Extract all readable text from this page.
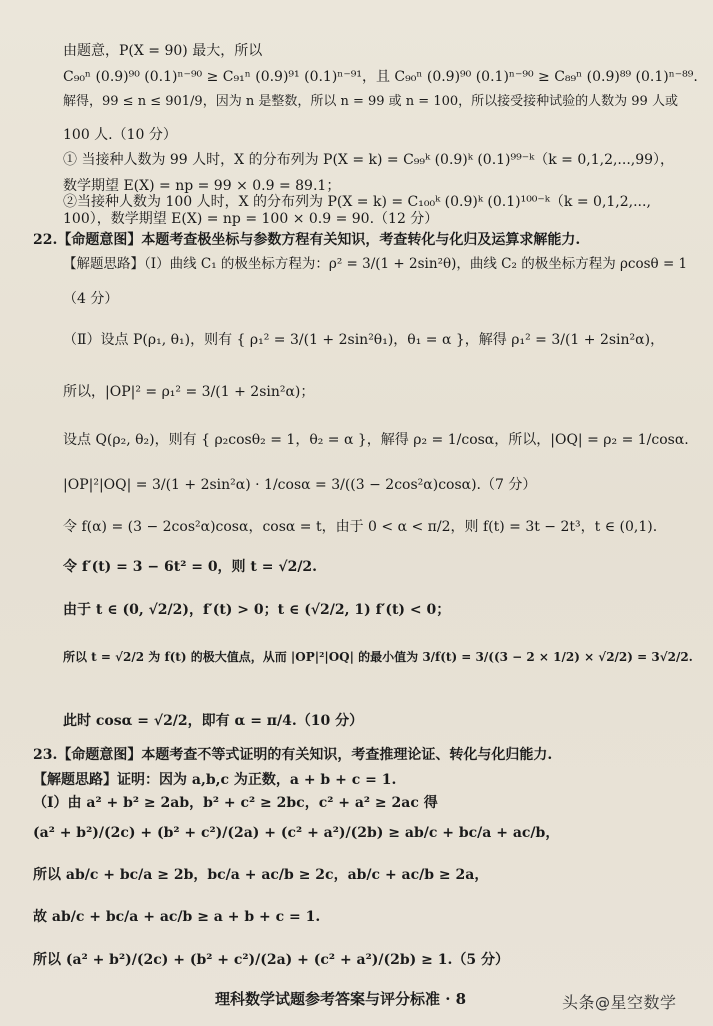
由题意，P(X = 90) 最大，所以
C₉₀ⁿ (0.9)⁹⁰ (0.1)ⁿ⁻⁹⁰ ≥ C₉₁ⁿ (0.9)⁹¹ (0.1)ⁿ⁻⁹¹，且 C₉₀ⁿ (0.9)⁹⁰ (0.1)ⁿ⁻⁹⁰ ≥ C₈₉ⁿ (0.9)⁸⁹ (0.1)ⁿ⁻⁸⁹.
解得，99 ≤ n ≤ 901/9，因为 n 是整数，所以 n = 99 或 n = 100，所以接受接种试验的人数为 99 人或
100 人.（10 分）
① 当接种人数为 99 人时，X 的分布列为 P(X = k) = C₉₉ᵏ (0.9)ᵏ (0.1)⁹⁹⁻ᵏ（k = 0,1,2,...,99），
数学期望 E(X) = np = 99 × 0.9 = 89.1；
②当接种人数为 100 人时，X 的分布列为 P(X = k) = C₁₀₀ᵏ (0.9)ᵏ (0.1)¹⁰⁰⁻ᵏ（k = 0,1,2,...,
100），数学期望 E(X) = np = 100 × 0.9 = 90.（12 分）
22.【命题意图】本题考查极坐标与参数方程有关知识，考查转化与化归及运算求解能力.
【解题思路】（Ⅰ）曲线 C₁ 的极坐标方程为：ρ² = 3/(1 + 2sin²θ)，曲线 C₂ 的极坐标方程为 ρcosθ = 1
（4 分）
（Ⅱ）设点 P(ρ₁, θ₁)，则有 { ρ₁² = 3/(1 + 2sin²θ₁)，θ₁ = α }，解得 ρ₁² = 3/(1 + 2sin²α)，
所以，|OP|² = ρ₁² = 3/(1 + 2sin²α)；
设点 Q(ρ₂, θ₂)，则有 { ρ₂cosθ₂ = 1，θ₂ = α }，解得 ρ₂ = 1/cosα，所以，|OQ| = ρ₂ = 1/cosα.
|OP|²|OQ| = 3/(1 + 2sin²α) · 1/cosα = 3/((3 − 2cos²α)cosα).（7 分）
令 f(α) = (3 − 2cos²α)cosα，cosα = t，由于 0 < α < π/2，则 f(t) = 3t − 2t³，t ∈ (0,1).
令 f′(t) = 3 − 6t² = 0，则 t = √2/2.
由于 t ∈ (0, √2/2)，f′(t) > 0；t ∈ (√2/2, 1) f′(t) < 0；
所以 t = √2/2 为 f(t) 的极大值点，从而 |OP|²|OQ| 的最小值为 3/f(t) = 3/((3 − 2 × 1/2) × √2/2) = 3√2/2.
此时 cosα = √2/2，即有 α = π/4.（10 分）
23.【命题意图】本题考查不等式证明的有关知识，考查推理论证、转化与化归能力.
【解题思路】证明：因为 a,b,c 为正数，a + b + c = 1.
（Ⅰ）由 a² + b² ≥ 2ab，b² + c² ≥ 2bc，c² + a² ≥ 2ac 得
(a² + b²)/(2c) + (b² + c²)/(2a) + (c² + a²)/(2b) ≥ ab/c + bc/a + ac/b，
所以 ab/c + bc/a ≥ 2b，bc/a + ac/b ≥ 2c，ab/c + ac/b ≥ 2a，
故 ab/c + bc/a + ac/b ≥ a + b + c = 1.
所以 (a² + b²)/(2c) + (b² + c²)/(2a) + (c² + a²)/(2b) ≥ 1.（5 分）
理科数学试题参考答案与评分标准 · 8	头条@星空数学
